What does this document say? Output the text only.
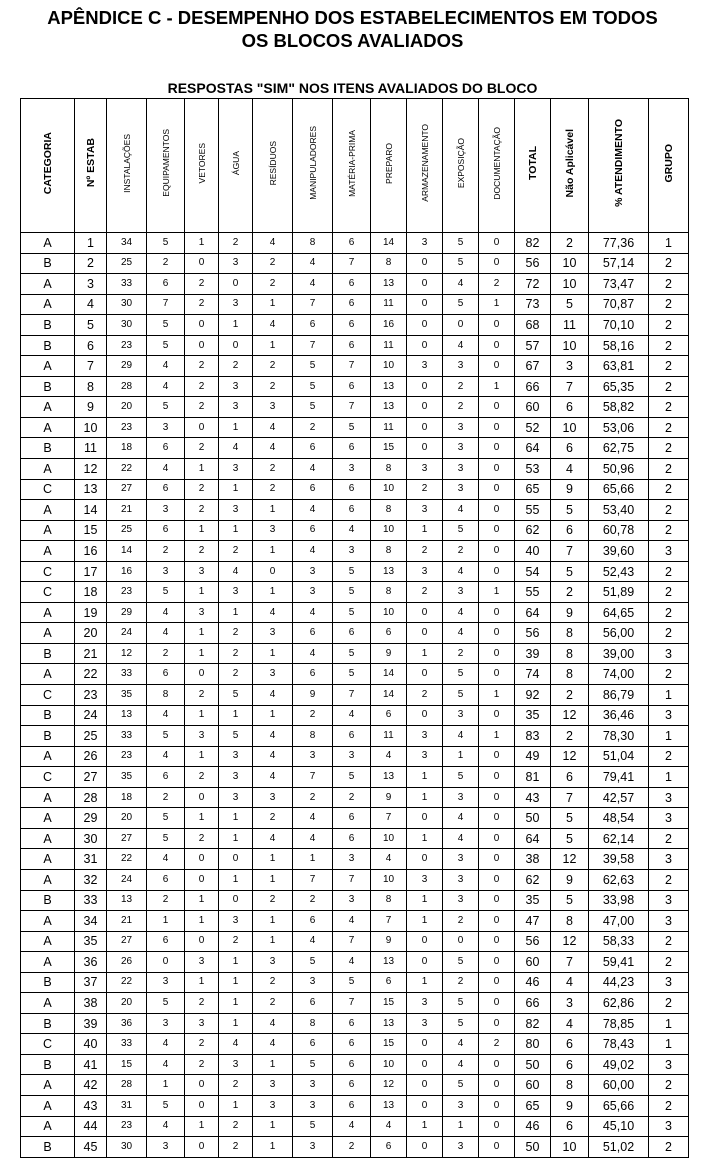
APÊNDICE C - DESEMPENHO DOS ESTABELECIMENTOS EM TODOS
OS BLOCOS AVALIADOS
RESPOSTAS "SIM" NOS ITENS AVALIADOS DO BLOCO
CATEGORIA	Nº ESTAB	INSTALAÇÕES	EQUIPAMENTOS	VETORES	ÁGUA	RESÍDUOS	MANIPULADORES	MATÉRIA-PRIMA	PREPARO	ARMAZENAMENTO	EXPOSIÇÃO	DOCUMENTAÇÃO	TOTAL	Não Aplicável	% ATENDIMENTO	GRUPO
A	1	34	5	1	2	4	8	6	14	3	5	0	82	2	77,36	1
B	2	25	2	0	3	2	4	7	8	0	5	0	56	10	57,14	2
A	3	33	6	2	0	2	4	6	13	0	4	2	72	10	73,47	2
A	4	30	7	2	3	1	7	6	11	0	5	1	73	5	70,87	2
B	5	30	5	0	1	4	6	6	16	0	0	0	68	11	70,10	2
B	6	23	5	0	0	1	7	6	11	0	4	0	57	10	58,16	2
A	7	29	4	2	2	2	5	7	10	3	3	0	67	3	63,81	2
B	8	28	4	2	3	2	5	6	13	0	2	1	66	7	65,35	2
A	9	20	5	2	3	3	5	7	13	0	2	0	60	6	58,82	2
A	10	23	3	0	1	4	2	5	11	0	3	0	52	10	53,06	2
B	11	18	6	2	4	4	6	6	15	0	3	0	64	6	62,75	2
A	12	22	4	1	3	2	4	3	8	3	3	0	53	4	50,96	2
C	13	27	6	2	1	2	6	6	10	2	3	0	65	9	65,66	2
A	14	21	3	2	3	1	4	6	8	3	4	0	55	5	53,40	2
A	15	25	6	1	1	3	6	4	10	1	5	0	62	6	60,78	2
A	16	14	2	2	2	1	4	3	8	2	2	0	40	7	39,60	3
C	17	16	3	3	4	0	3	5	13	3	4	0	54	5	52,43	2
C	18	23	5	1	3	1	3	5	8	2	3	1	55	2	51,89	2
A	19	29	4	3	1	4	4	5	10	0	4	0	64	9	64,65	2
A	20	24	4	1	2	3	6	6	6	0	4	0	56	8	56,00	2
B	21	12	2	1	2	1	4	5	9	1	2	0	39	8	39,00	3
A	22	33	6	0	2	3	6	5	14	0	5	0	74	8	74,00	2
C	23	35	8	2	5	4	9	7	14	2	5	1	92	2	86,79	1
B	24	13	4	1	1	1	2	4	6	0	3	0	35	12	36,46	3
B	25	33	5	3	5	4	8	6	11	3	4	1	83	2	78,30	1
A	26	23	4	1	3	4	3	3	4	3	1	0	49	12	51,04	2
C	27	35	6	2	3	4	7	5	13	1	5	0	81	6	79,41	1
A	28	18	2	0	3	3	2	2	9	1	3	0	43	7	42,57	3
A	29	20	5	1	1	2	4	6	7	0	4	0	50	5	48,54	3
A	30	27	5	2	1	4	4	6	10	1	4	0	64	5	62,14	2
A	31	22	4	0	0	1	1	3	4	0	3	0	38	12	39,58	3
A	32	24	6	0	1	1	7	7	10	3	3	0	62	9	62,63	2
B	33	13	2	1	0	2	2	3	8	1	3	0	35	5	33,98	3
A	34	21	1	1	3	1	6	4	7	1	2	0	47	8	47,00	3
A	35	27	6	0	2	1	4	7	9	0	0	0	56	12	58,33	2
A	36	26	0	3	1	3	5	4	13	0	5	0	60	7	59,41	2
B	37	22	3	1	1	2	3	5	6	1	2	0	46	4	44,23	3
A	38	20	5	2	1	2	6	7	15	3	5	0	66	3	62,86	2
B	39	36	3	3	1	4	8	6	13	3	5	0	82	4	78,85	1
C	40	33	4	2	4	4	6	6	15	0	4	2	80	6	78,43	1
B	41	15	4	2	3	1	5	6	10	0	4	0	50	6	49,02	3
A	42	28	1	0	2	3	3	6	12	0	5	0	60	8	60,00	2
A	43	31	5	0	1	3	3	6	13	0	3	0	65	9	65,66	2
A	44	23	4	1	2	1	5	4	4	1	1	0	46	6	45,10	3
B	45	30	3	0	2	1	3	2	6	0	3	0	50	10	51,02	2
